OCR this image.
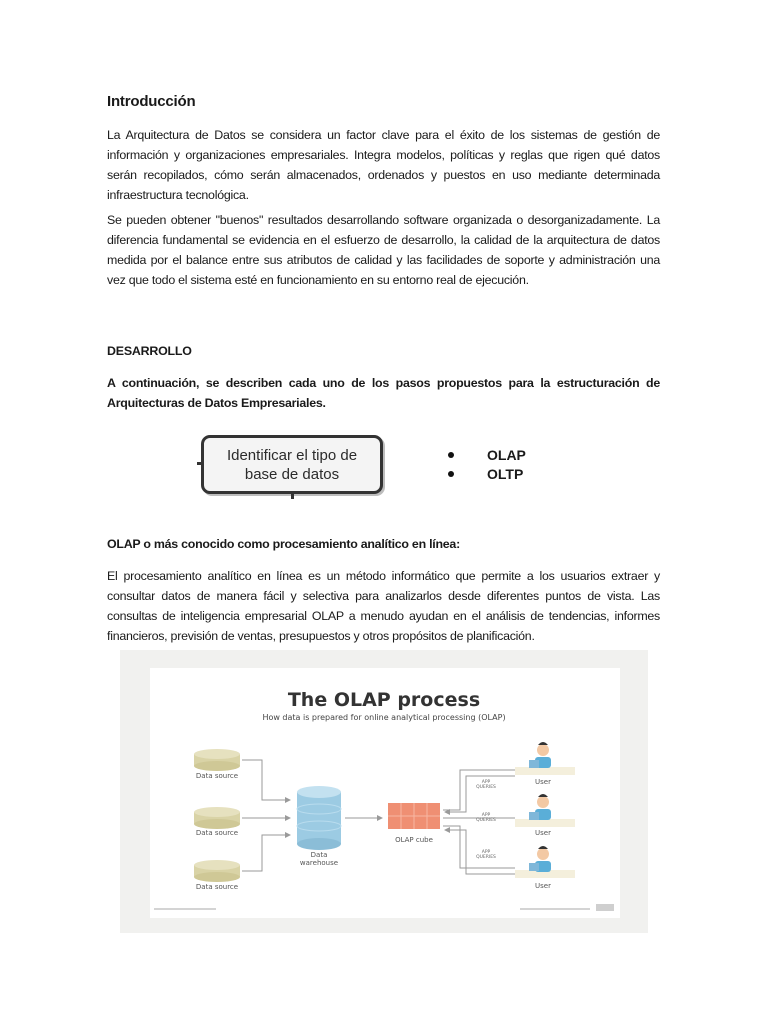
Introducción

La Arquitectura de Datos se considera un factor clave para el éxito de los sistemas de gestión de información y organizaciones empresariales. Integra modelos, políticas y reglas que rigen qué datos serán recopilados, cómo serán almacenados, ordenados y puestos en uso mediante determinada infraestructura tecnológica.

Se pueden obtener "buenos" resultados desarrollando software organizada o desorganizadamente. La diferencia fundamental se evidencia en el esfuerzo de desarrollo, la calidad de la arquitectura de datos medida por el balance entre sus atributos de calidad y las facilidades de soporte y administración una vez que todo el sistema esté en funcionamiento en su entorno real de ejecución.

DESARROLLO

A continuación, se describen cada uno de los pasos propuestos para la estructuración de Arquitecturas de Datos Empresariales.

Identificar el tipo de base de datos
OLAP
OLTP
OLAP o más conocido como procesamiento analítico en línea:

El procesamiento analítico en línea es un método informático que permite a los usuarios extraer y consultar datos de manera fácil y selectiva para analizarlos desde diferentes puntos de vista. Las consultas de inteligencia empresarial OLAP a menudo ayudan en el análisis de tendencias, informes financieros, previsión de ventas, presupuestos y otros propósitos de planificación.

The OLAP process
How data is prepared for online analytical processing (OLAP)
Data source
Data source
Data source
Data
warehouse
OLAP cube
APP
QUERIES
APP
QUERIES
APP
QUERIES
User
User
User
